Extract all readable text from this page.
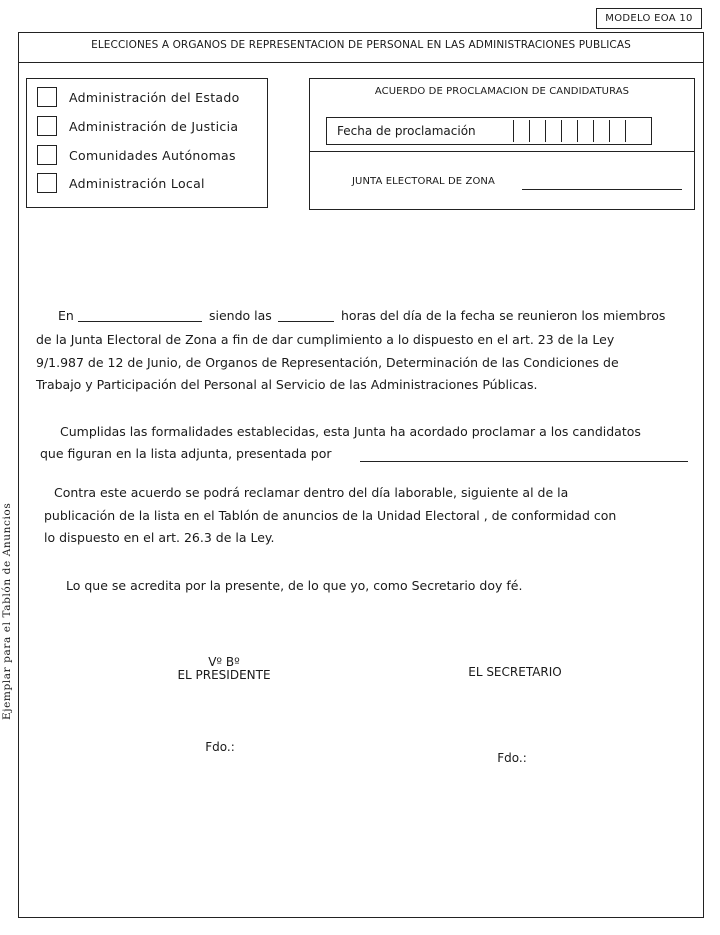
MODELO EOA 10
ELECCIONES A ORGANOS DE REPRESENTACION DE PERSONAL EN LAS ADMINISTRACIONES PUBLICAS
Ejemplar para el Tablón de Anuncios
Administración del Estado
Administración de Justicia
Comunidades Autónomas
Administración Local
ACUERDO DE PROCLAMACION DE CANDIDATURAS
Fecha de proclamación
JUNTA ELECTORAL DE ZONA
En	siendo las	horas del día de la fecha se reunieron los miembros
de la Junta Electoral de Zona a fin de dar cumplimiento a lo dispuesto en el art. 23 de la Ley
9/1.987 de 12 de Junio, de Organos de Representación, Determinación de las Condiciones de
Trabajo y Participación del Personal al Servicio de las Administraciones Públicas.
Cumplidas las formalidades establecidas, esta Junta ha acordado proclamar a los candidatos
que figuran en la lista adjunta, presentada por
Contra este acuerdo se podrá reclamar dentro del día laborable, siguiente al de la
publicación de la lista en el Tablón de anuncios de la Unidad Electoral , de conformidad con
lo dispuesto en el art. 26.3 de la Ley.
Lo que se acredita por la presente, de lo que yo, como Secretario doy fé.
Vº Bº
EL PRESIDENTE	EL SECRETARIO
Fdo.:
Fdo.:
